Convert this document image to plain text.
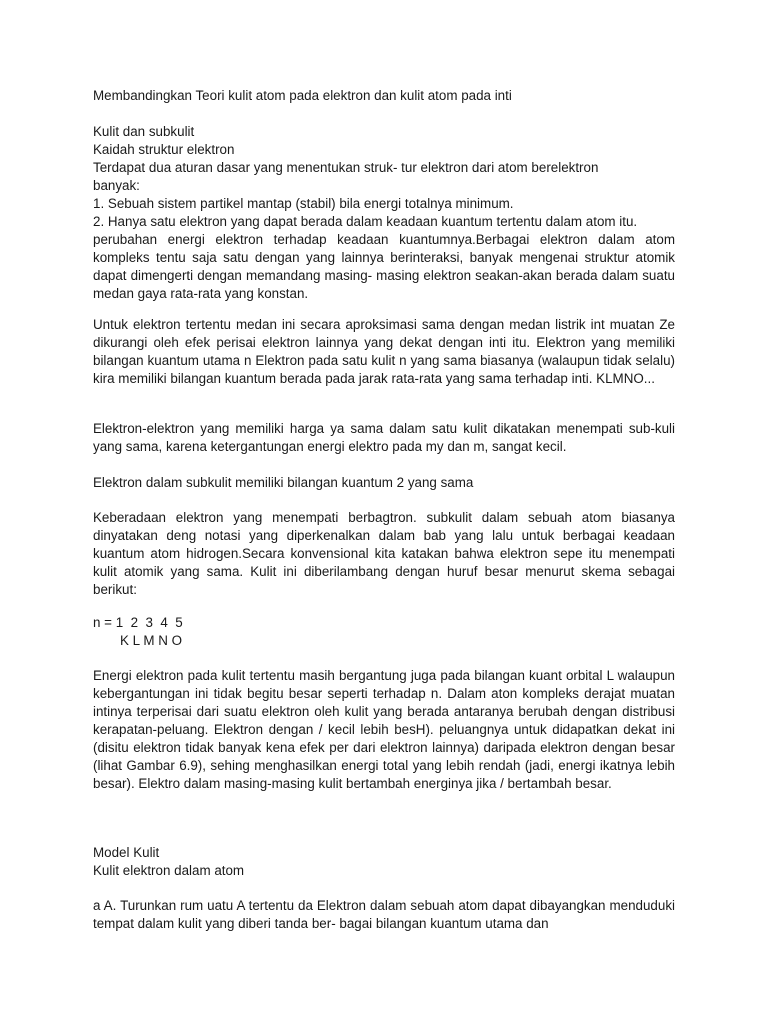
Membandingkan Teori kulit atom pada elektron dan kulit atom pada inti
Kulit dan subkulit
Kaidah struktur elektron
Terdapat dua aturan dasar yang menentukan struk- tur elektron dari atom berelektron
banyak:
1. Sebuah sistem partikel mantap (stabil) bila energi totalnya minimum.
2. Hanya satu elektron yang dapat berada dalam keadaan kuantum tertentu dalam atom itu.
perubahan energi elektron terhadap keadaan kuantumnya.Berbagai elektron dalam atom kompleks tentu saja satu dengan yang lainnya berinteraksi, banyak mengenai struktur atomik dapat dimengerti dengan memandang masing- masing elektron seakan-akan berada dalam suatu medan gaya rata-rata yang konstan.
Untuk elektron tertentu medan ini secara aproksimasi sama dengan medan listrik int muatan Ze dikurangi oleh efek perisai elektron lainnya yang dekat dengan inti itu. Elektron yang memiliki bilangan kuantum utama n Elektron pada satu kulit n yang sama biasanya (walaupun tidak selalu) kira memiliki bilangan kuantum berada pada jarak rata-rata yang sama terhadap inti. KLMNO...
Elektron-elektron yang memiliki harga ya sama dalam satu kulit dikatakan menempati sub-kuli yang sama, karena ketergantungan energi elektro pada my dan m, sangat kecil.
Elektron dalam subkulit memiliki bilangan kuantum 2 yang sama
Keberadaan elektron yang menempati berbagtron. subkulit dalam sebuah atom biasanya dinyatakan deng notasi yang diperkenalkan dalam bab yang lalu untuk berbagai keadaan kuantum atom hidrogen.Secara konvensional kita katakan bahwa elektron sepe itu menempati kulit atomik yang sama. Kulit ini diberilambang dengan huruf besar menurut skema sebagai berikut:
n = 1  2  3  4  5
K L M N O
Energi elektron pada kulit tertentu masih bergantung juga pada bilangan kuant orbital L walaupun kebergantungan ini tidak begitu besar seperti terhadap n. Dalam aton kompleks derajat muatan intinya terperisai dari suatu elektron oleh kulit yang berada antaranya berubah dengan distribusi kerapatan-peluang. Elektron dengan / kecil lebih besH). peluangnya untuk didapatkan dekat ini (disitu elektron tidak banyak kena efek per dari elektron lainnya) daripada elektron dengan besar (lihat Gambar 6.9), sehing menghasilkan energi total yang lebih rendah (jadi, energi ikatnya lebih besar). Elektro dalam masing-masing kulit bertambah energinya jika / bertambah besar.
Model Kulit
Kulit elektron dalam atom
a A. Turunkan rum uatu A tertentu da Elektron dalam sebuah atom dapat dibayangkan menduduki tempat dalam kulit yang diberi tanda ber- bagai bilangan kuantum utama dan
